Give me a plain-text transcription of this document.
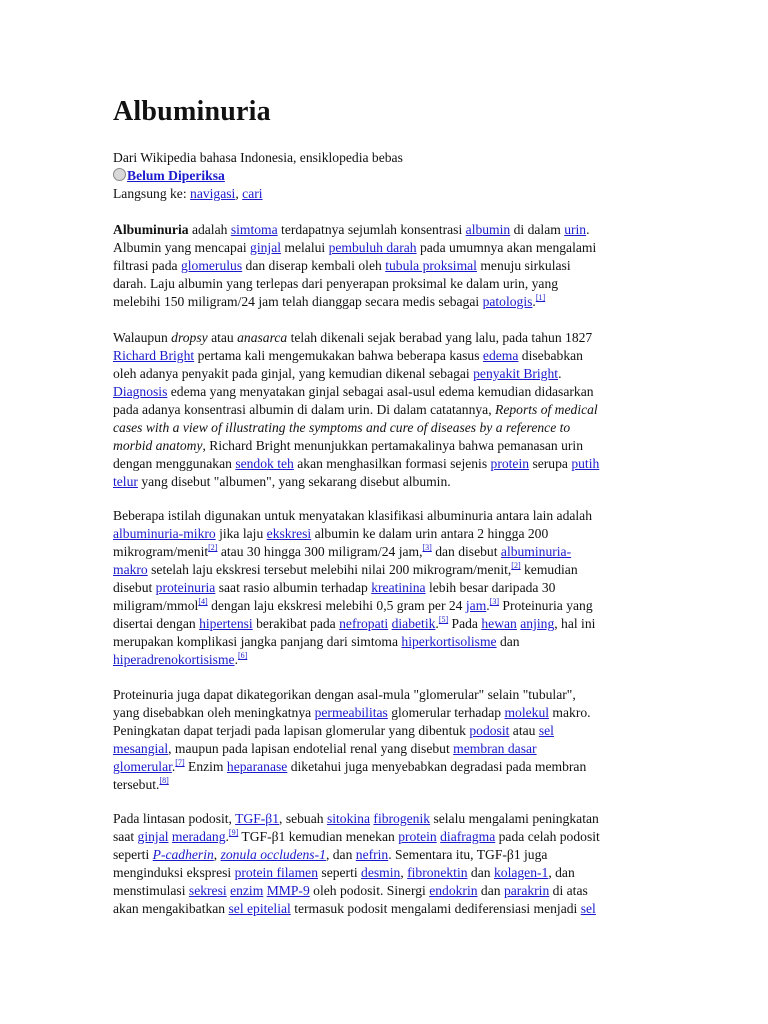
Albuminuria
Dari Wikipedia bahasa Indonesia, ensiklopedia bebas
Belum Diperiksa
Langsung ke: navigasi, cari
Albuminuria adalah simtoma terdapatnya sejumlah konsentrasi albumin di dalam urin.
Albumin yang mencapai ginjal melalui pembuluh darah pada umumnya akan mengalami
filtrasi pada glomerulus dan diserap kembali oleh tubula proksimal menuju sirkulasi
darah. Laju albumin yang terlepas dari penyerapan proksimal ke dalam urin, yang
melebihi 150 miligram/24 jam telah dianggap secara medis sebagai patologis.[1]
Walaupun dropsy atau anasarca telah dikenali sejak berabad yang lalu, pada tahun 1827
Richard Bright pertama kali mengemukakan bahwa beberapa kasus edema disebabkan
oleh adanya penyakit pada ginjal, yang kemudian dikenal sebagai penyakit Bright.
Diagnosis edema yang menyatakan ginjal sebagai asal-usul edema kemudian didasarkan
pada adanya konsentrasi albumin di dalam urin. Di dalam catatannya, Reports of medical
cases with a view of illustrating the symptoms and cure of diseases by a reference to
morbid anatomy, Richard Bright menunjukkan pertamakalinya bahwa pemanasan urin
dengan menggunakan sendok teh akan menghasilkan formasi sejenis protein serupa putih
telur yang disebut "albumen", yang sekarang disebut albumin.
Beberapa istilah digunakan untuk menyatakan klasifikasi albuminuria antara lain adalah
albuminuria-mikro jika laju ekskresi albumin ke dalam urin antara 2 hingga 200
mikrogram/menit[2] atau 30 hingga 300 miligram/24 jam,[3] dan disebut albuminuria-
makro setelah laju ekskresi tersebut melebihi nilai 200 mikrogram/menit,[2] kemudian
disebut proteinuria saat rasio albumin terhadap kreatinina lebih besar daripada 30
miligram/mmol[4] dengan laju ekskresi melebihi 0,5 gram per 24 jam.[3] Proteinuria yang
disertai dengan hipertensi berakibat pada nefropati diabetik.[5] Pada hewan anjing, hal ini
merupakan komplikasi jangka panjang dari simtoma hiperkortisolisme dan
hiperadrenokortisisme.[6]
Proteinuria juga dapat dikategorikan dengan asal-mula "glomerular" selain "tubular",
yang disebabkan oleh meningkatnya permeabilitas glomerular terhadap molekul makro.
Peningkatan dapat terjadi pada lapisan glomerular yang dibentuk podosit atau sel
mesangial, maupun pada lapisan endotelial renal yang disebut membran dasar
glomerular.[7] Enzim heparanase diketahui juga menyebabkan degradasi pada membran
tersebut.[8]
Pada lintasan podosit, TGF-β1, sebuah sitokina fibrogenik selalu mengalami peningkatan
saat ginjal meradang.[9] TGF-β1 kemudian menekan protein diafragma pada celah podosit
seperti P-cadherin, zonula occludens-1, dan nefrin. Sementara itu, TGF-β1 juga
menginduksi ekspresi protein filamen seperti desmin, fibronektin dan kolagen-1, dan
menstimulasi sekresi enzim MMP-9 oleh podosit. Sinergi endokrin dan parakrin di atas
akan mengakibatkan sel epitelial termasuk podosit mengalami dediferensiasi menjadi sel
